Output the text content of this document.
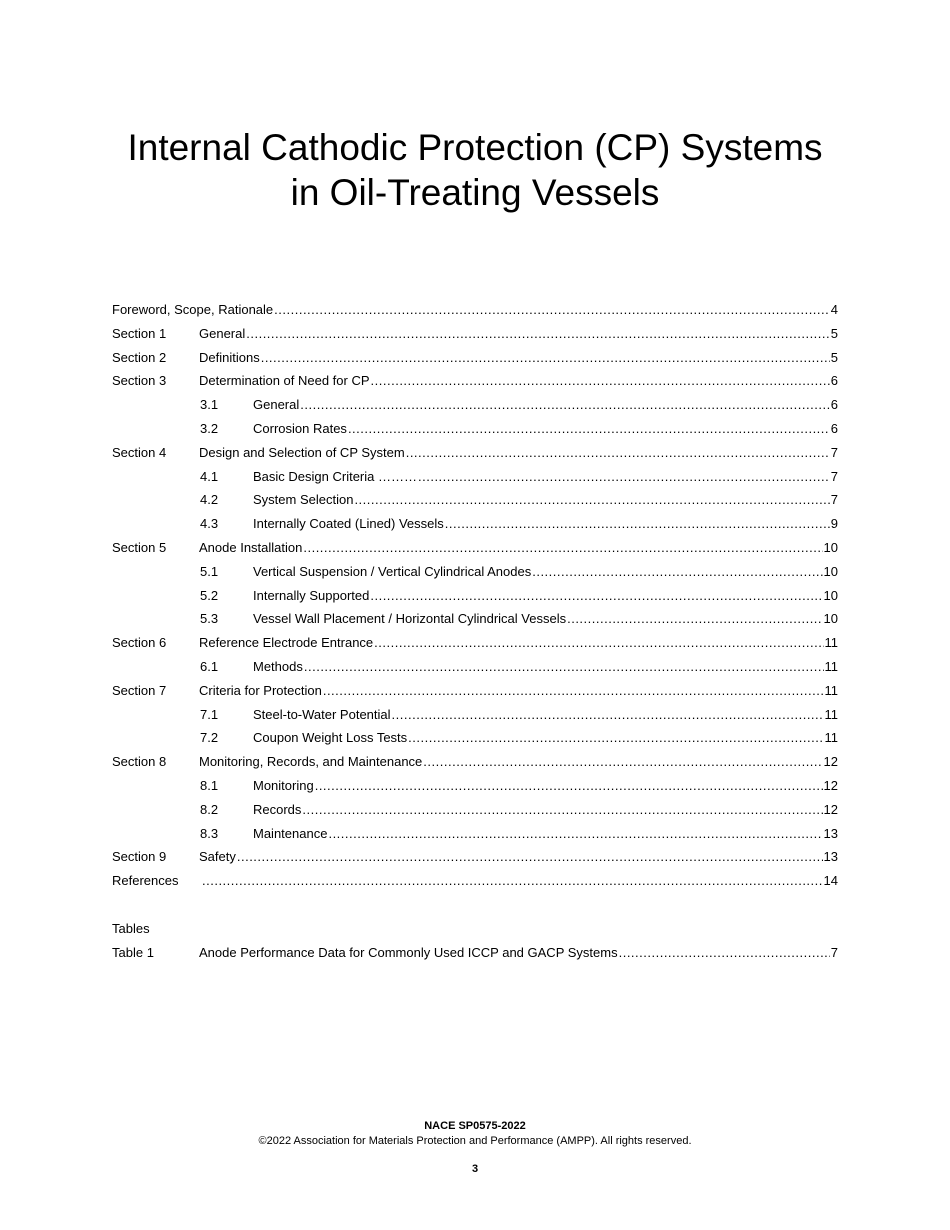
Internal Cathodic Protection (CP) Systems
in Oil-Treating Vessels
Foreword, Scope, Rationale .....	4
Section 1	General .....	5
Section 2	Definitions .....	5
Section 3	Determination of Need for CP .....	6
3.1	General .....	6
3.2	Corrosion Rates .....	6
Section 4	Design and Selection of CP System .....	7
4.1	Basic Design Criteria ……… .....	7
4.2	System Selection .....	7
4.3	Internally Coated (Lined) Vessels .....	9
Section 5	Anode Installation .....	10
5.1	Vertical Suspension / Vertical Cylindrical Anodes .....	10
5.2	Internally Supported .....	10
5.3	Vessel Wall Placement / Horizontal Cylindrical Vessels .....	10
Section 6	Reference Electrode Entrance .....	11
6.1	Methods .....	11
Section 7	Criteria for Protection .....	11
7.1	Steel-to-Water Potential .....	11
7.2	Coupon Weight Loss Tests .....	11
Section 8	Monitoring, Records, and Maintenance .....	12
8.1	Monitoring .....	12
8.2	Records .....	12
8.3	Maintenance .....	13
Section 9	Safety .....	13
References .....	14
Tables
Table 1	Anode Performance Data for Commonly Used ICCP and GACP Systems .....	7
NACE SP0575-2022
©2022 Association for Materials Protection and Performance (AMPP). All rights reserved.
3
